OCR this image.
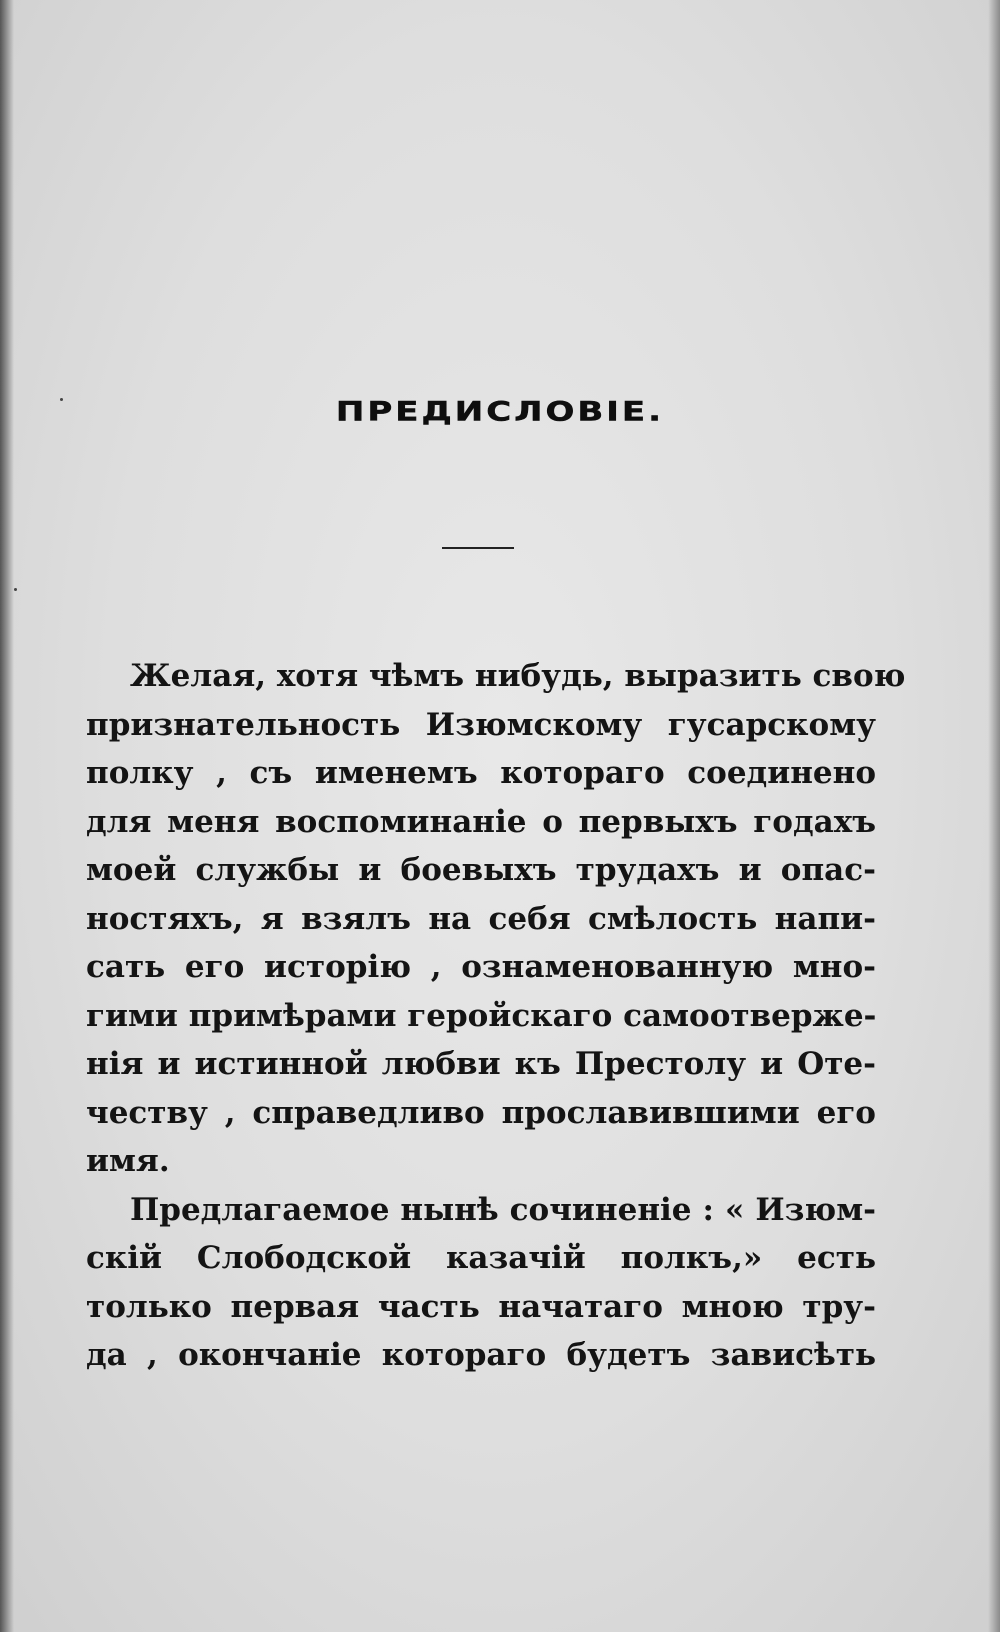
ПРЕДИСЛОВІЕ.
Желая, хотя чѣмъ нибудь, выразить свою
признательность Изюмскому гусарскому
полку , съ именемъ котораго соединено
для меня воспоминаніе о первыхъ годахъ
моей службы и боевыхъ трудахъ и опас-
ностяхъ, я взялъ на себя смѣлость напи-
сать его исторію , ознаменованную мно-
гими примѣрами геройскаго самоотверже-
нія и истинной любви къ Престолу и Оте-
честву , справедливо прославившими его
имя.
Предлагаемое нынѣ сочиненіе : « Изюм-
скій Слободской казачій полкъ,» есть
только первая часть начатаго мною тру-
да , окончаніе котораго будетъ зависѣть
